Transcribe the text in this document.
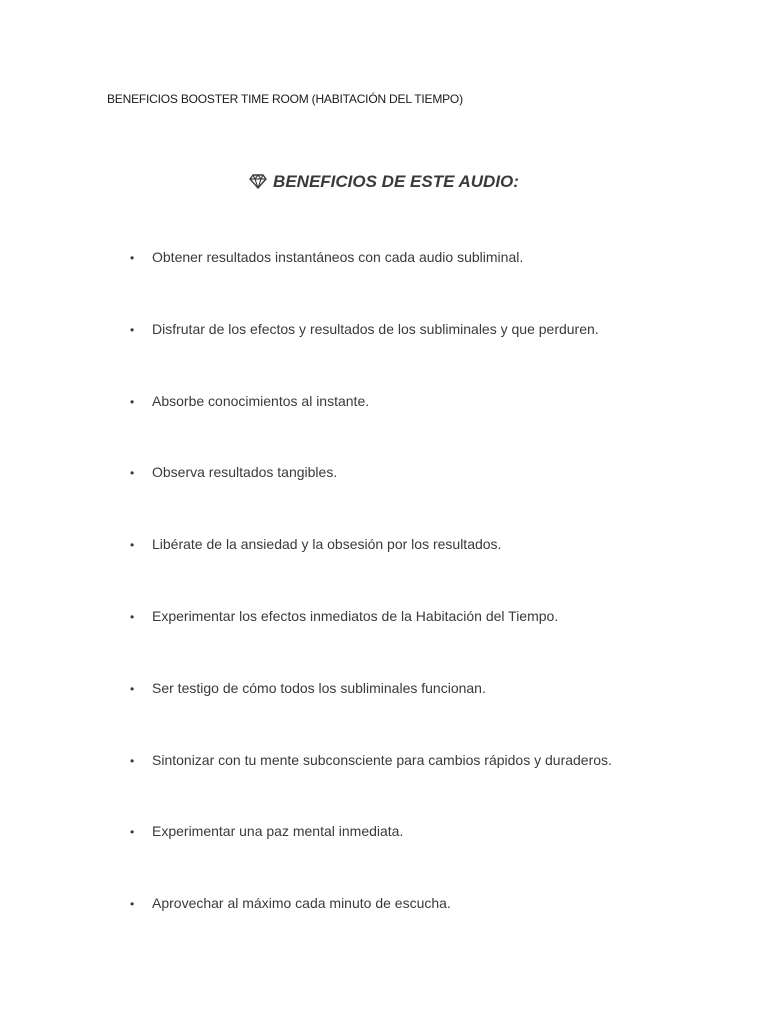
BENEFICIOS BOOSTER TIME ROOM (HABITACIÓN DEL TIEMPO)
BENEFICIOS DE ESTE AUDIO:
• Obtener resultados instantáneos con cada audio subliminal.
• Disfrutar de los efectos y resultados de los subliminales y que perduren.
• Absorbe conocimientos al instante.
• Observa resultados tangibles.
• Libérate de la ansiedad y la obsesión por los resultados.
• Experimentar los efectos inmediatos de la Habitación del Tiempo.
• Ser testigo de cómo todos los subliminales funcionan.
• Sintonizar con tu mente subconsciente para cambios rápidos y duraderos.
• Experimentar una paz mental inmediata.
• Aprovechar al máximo cada minuto de escucha.
